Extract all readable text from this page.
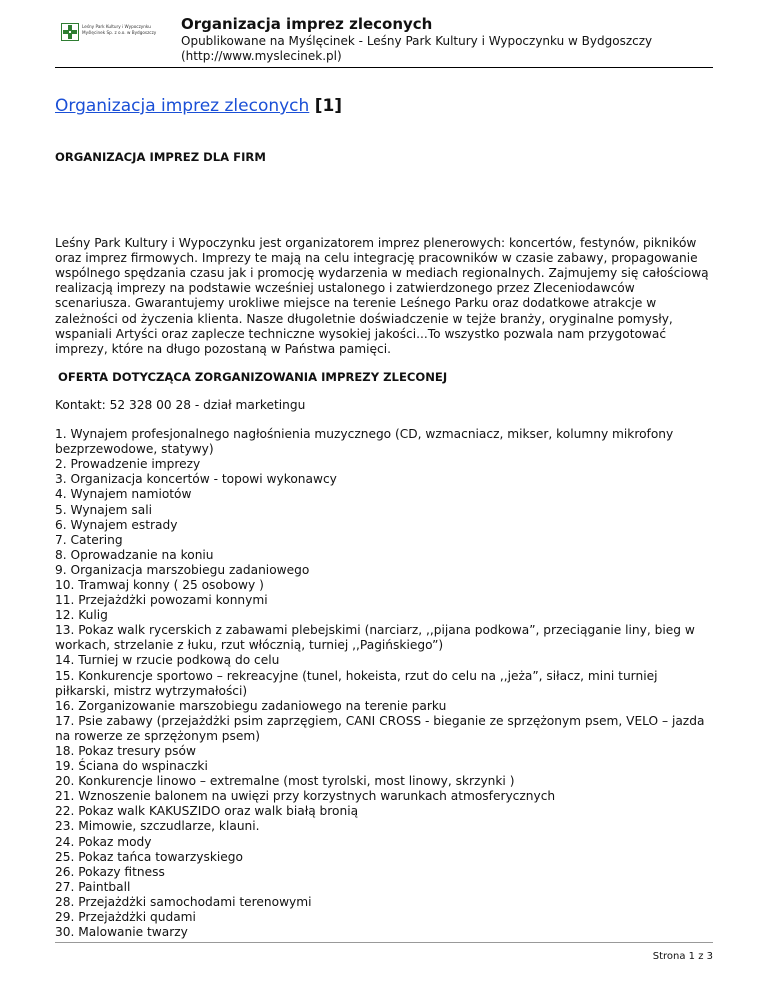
Leśny Park Kultury i Wypoczynku Myślęcinek Sp. z o.o. w Bydgoszczy	Organizacja imprez zleconych
Opublikowane na Myślęcinek - Leśny Park Kultury i Wypoczynku w Bydgoszczy (http://www.myslecinek.pl)
Organizacja imprez zleconych [1]
ORGANIZACJA IMPREZ DLA FIRM
Leśny Park Kultury i Wypoczynku jest organizatorem imprez plenerowych: koncertów, festynów, pikników oraz imprez firmowych. Imprezy te mają na celu integrację pracowników w czasie zabawy, propagowanie wspólnego spędzania czasu jak i promocję wydarzenia w mediach regionalnych. Zajmujemy się całościową realizacją imprezy na podstawie wcześniej ustalonego i zatwierdzonego przez Zleceniodawców scenariusza. Gwarantujemy urokliwe miejsce na terenie Leśnego Parku oraz dodatkowe atrakcje w zależności od życzenia klienta. Nasze długoletnie doświadczenie w tejże branży, oryginalne pomysły, wspaniali Artyści oraz zaplecze techniczne wysokiej jakości...To wszystko pozwala nam przygotować imprezy, które na długo pozostaną w Państwa pamięci.
OFERTA DOTYCZĄCA ZORGANIZOWANIA IMPREZY ZLECONEJ
Kontakt: 52 328 00 28 - dział marketingu
1. Wynajem profesjonalnego nagłośnienia muzycznego (CD, wzmacniacz, mikser, kolumny mikrofony bezprzewodowe, statywy)
2. Prowadzenie imprezy
3. Organizacja koncertów - topowi wykonawcy
4. Wynajem namiotów
5. Wynajem sali
6. Wynajem estrady
7. Catering
8. Oprowadzanie na koniu
9. Organizacja marszobiegu zadaniowego
10. Tramwaj konny ( 25 osobowy )
11. Przejażdżki powozami konnymi
12. Kulig
13. Pokaz walk rycerskich z zabawami plebejskimi (narciarz, ,,pijana podkowa”, przeciąganie liny, bieg w workach, strzelanie z łuku, rzut włócznią, turniej ,,Pagińskiego”)
14. Turniej w rzucie podkową do celu
15. Konkurencje sportowo – rekreacyjne (tunel, hokeista, rzut do celu na ,,jeża”, siłacz, mini turniej piłkarski, mistrz wytrzymałości)
16. Zorganizowanie marszobiegu zadaniowego na terenie parku
17. Psie zabawy (przejażdżki psim zaprzęgiem, CANI CROSS - bieganie ze sprzężonym psem, VELO – jazda na rowerze ze sprzężonym psem)
18. Pokaz tresury psów
19. Ściana do wspinaczki
20. Konkurencje linowo – extremalne (most tyrolski, most linowy, skrzynki )
21. Wznoszenie balonem na uwięzi przy korzystnych warunkach atmosferycznych
22. Pokaz walk KAKUSZIDO oraz walk białą bronią
23. Mimowie, szczudlarze, klauni.
24. Pokaz mody
25. Pokaz tańca towarzyskiego
26. Pokazy fitness
27. Paintball
28. Przejażdżki samochodami terenowymi
29. Przejażdżki qudami
30. Malowanie twarzy
Strona 1 z 3
